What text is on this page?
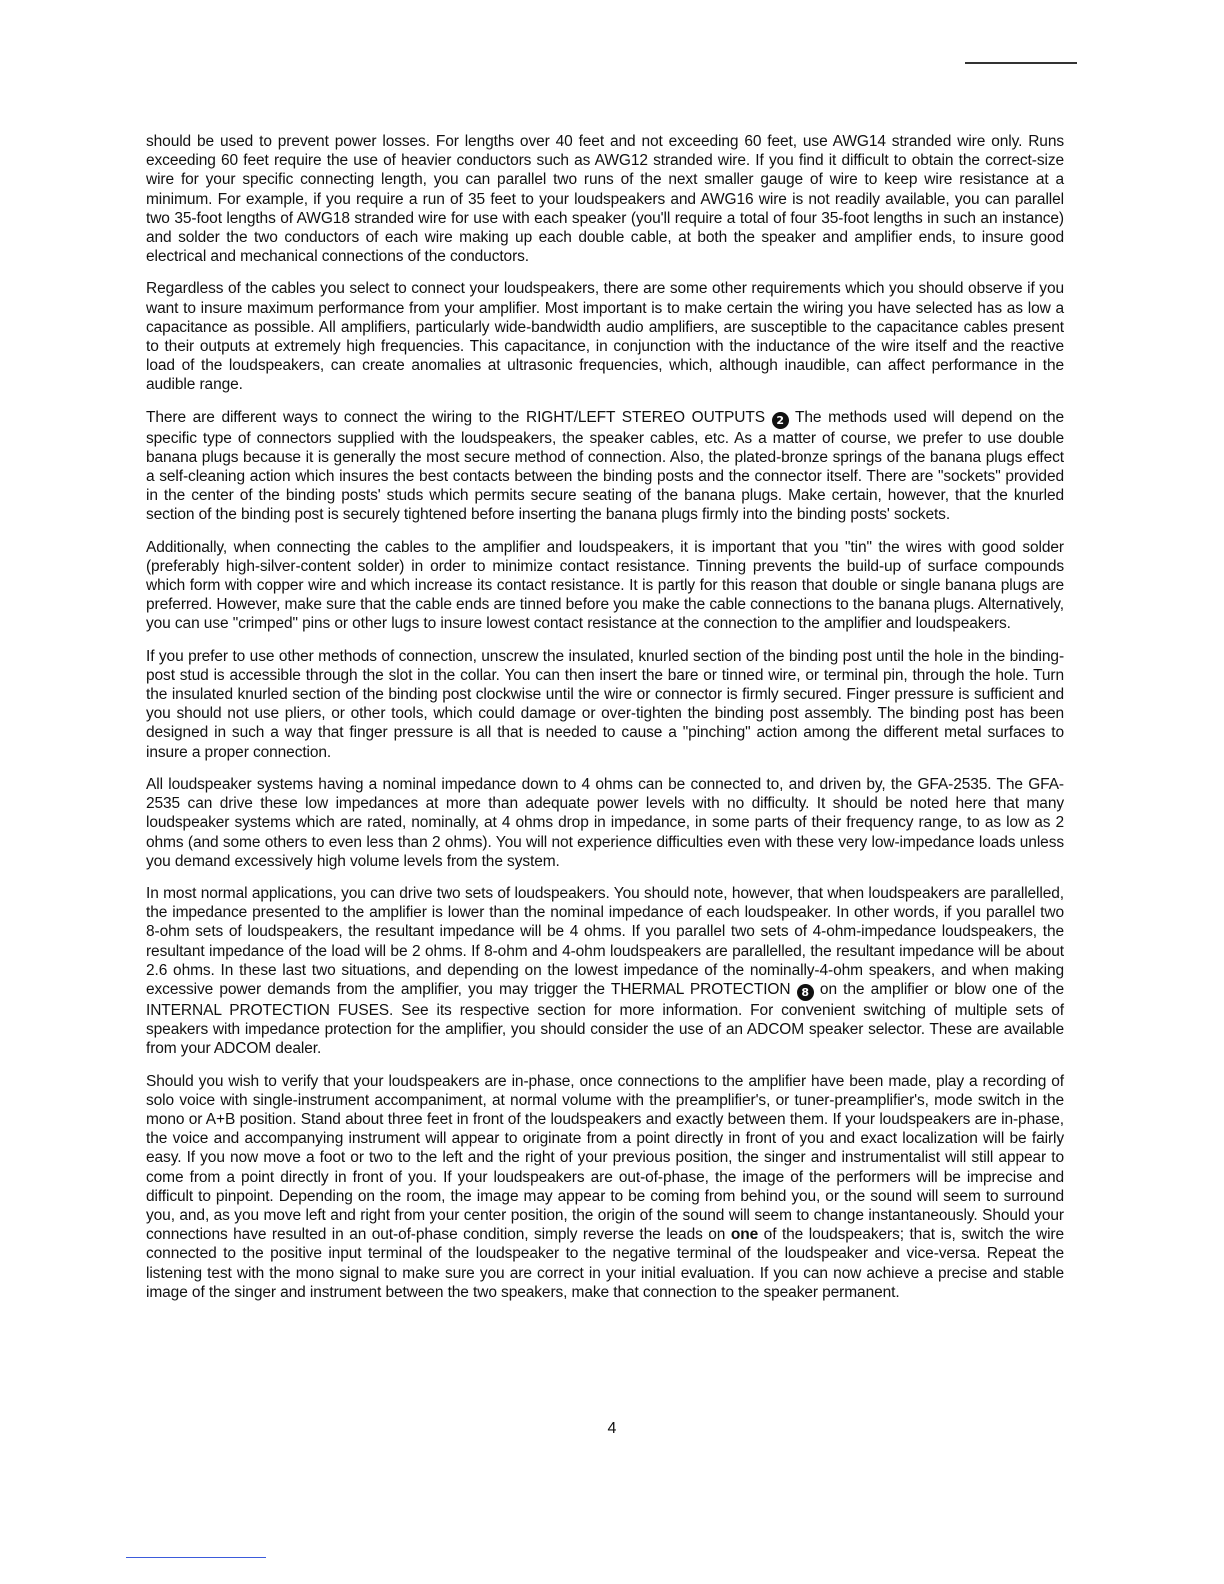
should be used to prevent power losses. For lengths over 40 feet and not exceeding 60 feet, use AWG14 stranded wire only. Runs exceeding 60 feet require the use of heavier conductors such as AWG12 stranded wire. If you find it difficult to obtain the correct-size wire for your specific connecting length, you can parallel two runs of the next smaller gauge of wire to keep wire resistance at a minimum. For example, if you require a run of 35 feet to your loudspeakers and AWG16 wire is not readily available, you can parallel two 35-foot lengths of AWG18 stranded wire for use with each speaker (you'll require a total of four 35-foot lengths in such an instance) and solder the two conductors of each wire making up each double cable, at both the speaker and amplifier ends, to insure good electrical and mechanical connections of the conductors.

Regardless of the cables you select to connect your loudspeakers, there are some other requirements which you should observe if you want to insure maximum performance from your amplifier. Most important is to make certain the wiring you have selected has as low a capacitance as possible. All amplifiers, particularly wide-bandwidth audio amplifiers, are susceptible to the capacitance cables present to their outputs at extremely high frequencies. This capacitance, in conjunction with the inductance of the wire itself and the reactive load of the loudspeakers, can create anomalies at ultrasonic frequencies, which, although inaudible, can affect performance in the audible range.

There are different ways to connect the wiring to the RIGHT/LEFT STEREO OUTPUTS 2 The methods used will depend on the specific type of connectors supplied with the loudspeakers, the speaker cables, etc. As a matter of course, we prefer to use double banana plugs because it is generally the most secure method of connection. Also, the plated-bronze springs of the banana plugs effect a self-cleaning action which insures the best contacts between the binding posts and the connector itself. There are "sockets" provided in the center of the binding posts' studs which permits secure seating of the banana plugs. Make certain, however, that the knurled section of the binding post is securely tightened before inserting the banana plugs firmly into the binding posts' sockets.

Additionally, when connecting the cables to the amplifier and loudspeakers, it is important that you "tin" the wires with good solder (preferably high-silver-content solder) in order to minimize contact resistance. Tinning prevents the build-up of surface compounds which form with copper wire and which increase its contact resistance. It is partly for this reason that double or single banana plugs are preferred. However, make sure that the cable ends are tinned before you make the cable connections to the banana plugs. Alternatively, you can use "crimped" pins or other lugs to insure lowest contact resistance at the connection to the amplifier and loudspeakers.

If you prefer to use other methods of connection, unscrew the insulated, knurled section of the binding post until the hole in the binding-post stud is accessible through the slot in the collar. You can then insert the bare or tinned wire, or terminal pin, through the hole. Turn the insulated knurled section of the binding post clockwise until the wire or connector is firmly secured. Finger pressure is sufficient and you should not use pliers, or other tools, which could damage or over-tighten the binding post assembly. The binding post has been designed in such a way that finger pressure is all that is needed to cause a "pinching" action among the different metal surfaces to insure a proper connection.

All loudspeaker systems having a nominal impedance down to 4 ohms can be connected to, and driven by, the GFA-2535. The GFA-2535 can drive these low impedances at more than adequate power levels with no difficulty. It should be noted here that many loudspeaker systems which are rated, nominally, at 4 ohms drop in impedance, in some parts of their frequency range, to as low as 2 ohms (and some others to even less than 2 ohms). You will not experience difficulties even with these very low-impedance loads unless you demand excessively high volume levels from the system.

In most normal applications, you can drive two sets of loudspeakers. You should note, however, that when loudspeakers are parallelled, the impedance presented to the amplifier is lower than the nominal impedance of each loudspeaker. In other words, if you parallel two 8-ohm sets of loudspeakers, the resultant impedance will be 4 ohms. If you parallel two sets of 4-ohm-impedance loudspeakers, the resultant impedance of the load will be 2 ohms. If 8-ohm and 4-ohm loudspeakers are parallelled, the resultant impedance will be about 2.6 ohms. In these last two situations, and depending on the lowest impedance of the nominally-4-ohm speakers, and when making excessive power demands from the amplifier, you may trigger the THERMAL PROTECTION 8 on the amplifier or blow one of the INTERNAL PROTECTION FUSES. See its respective section for more information. For convenient switching of multiple sets of speakers with impedance protection for the amplifier, you should consider the use of an ADCOM speaker selector. These are available from your ADCOM dealer.

Should you wish to verify that your loudspeakers are in-phase, once connections to the amplifier have been made, play a recording of solo voice with single-instrument accompaniment, at normal volume with the preamplifier's, or tuner-preamplifier's, mode switch in the mono or A+B position. Stand about three feet in front of the loudspeakers and exactly between them. If your loudspeakers are in-phase, the voice and accompanying instrument will appear to originate from a point directly in front of you and exact localization will be fairly easy. If you now move a foot or two to the left and the right of your previous position, the singer and instrumentalist will still appear to come from a point directly in front of you. If your loudspeakers are out-of-phase, the image of the performers will be imprecise and difficult to pinpoint. Depending on the room, the image may appear to be coming from behind you, or the sound will seem to surround you, and, as you move left and right from your center position, the origin of the sound will seem to change instantaneously. Should your connections have resulted in an out-of-phase condition, simply reverse the leads on one of the loudspeakers; that is, switch the wire connected to the positive input terminal of the loudspeaker to the negative terminal of the loudspeaker and vice-versa. Repeat the listening test with the mono signal to make sure you are correct in your initial evaluation. If you can now achieve a precise and stable image of the singer and instrument between the two speakers, make that connection to the speaker permanent.

4
